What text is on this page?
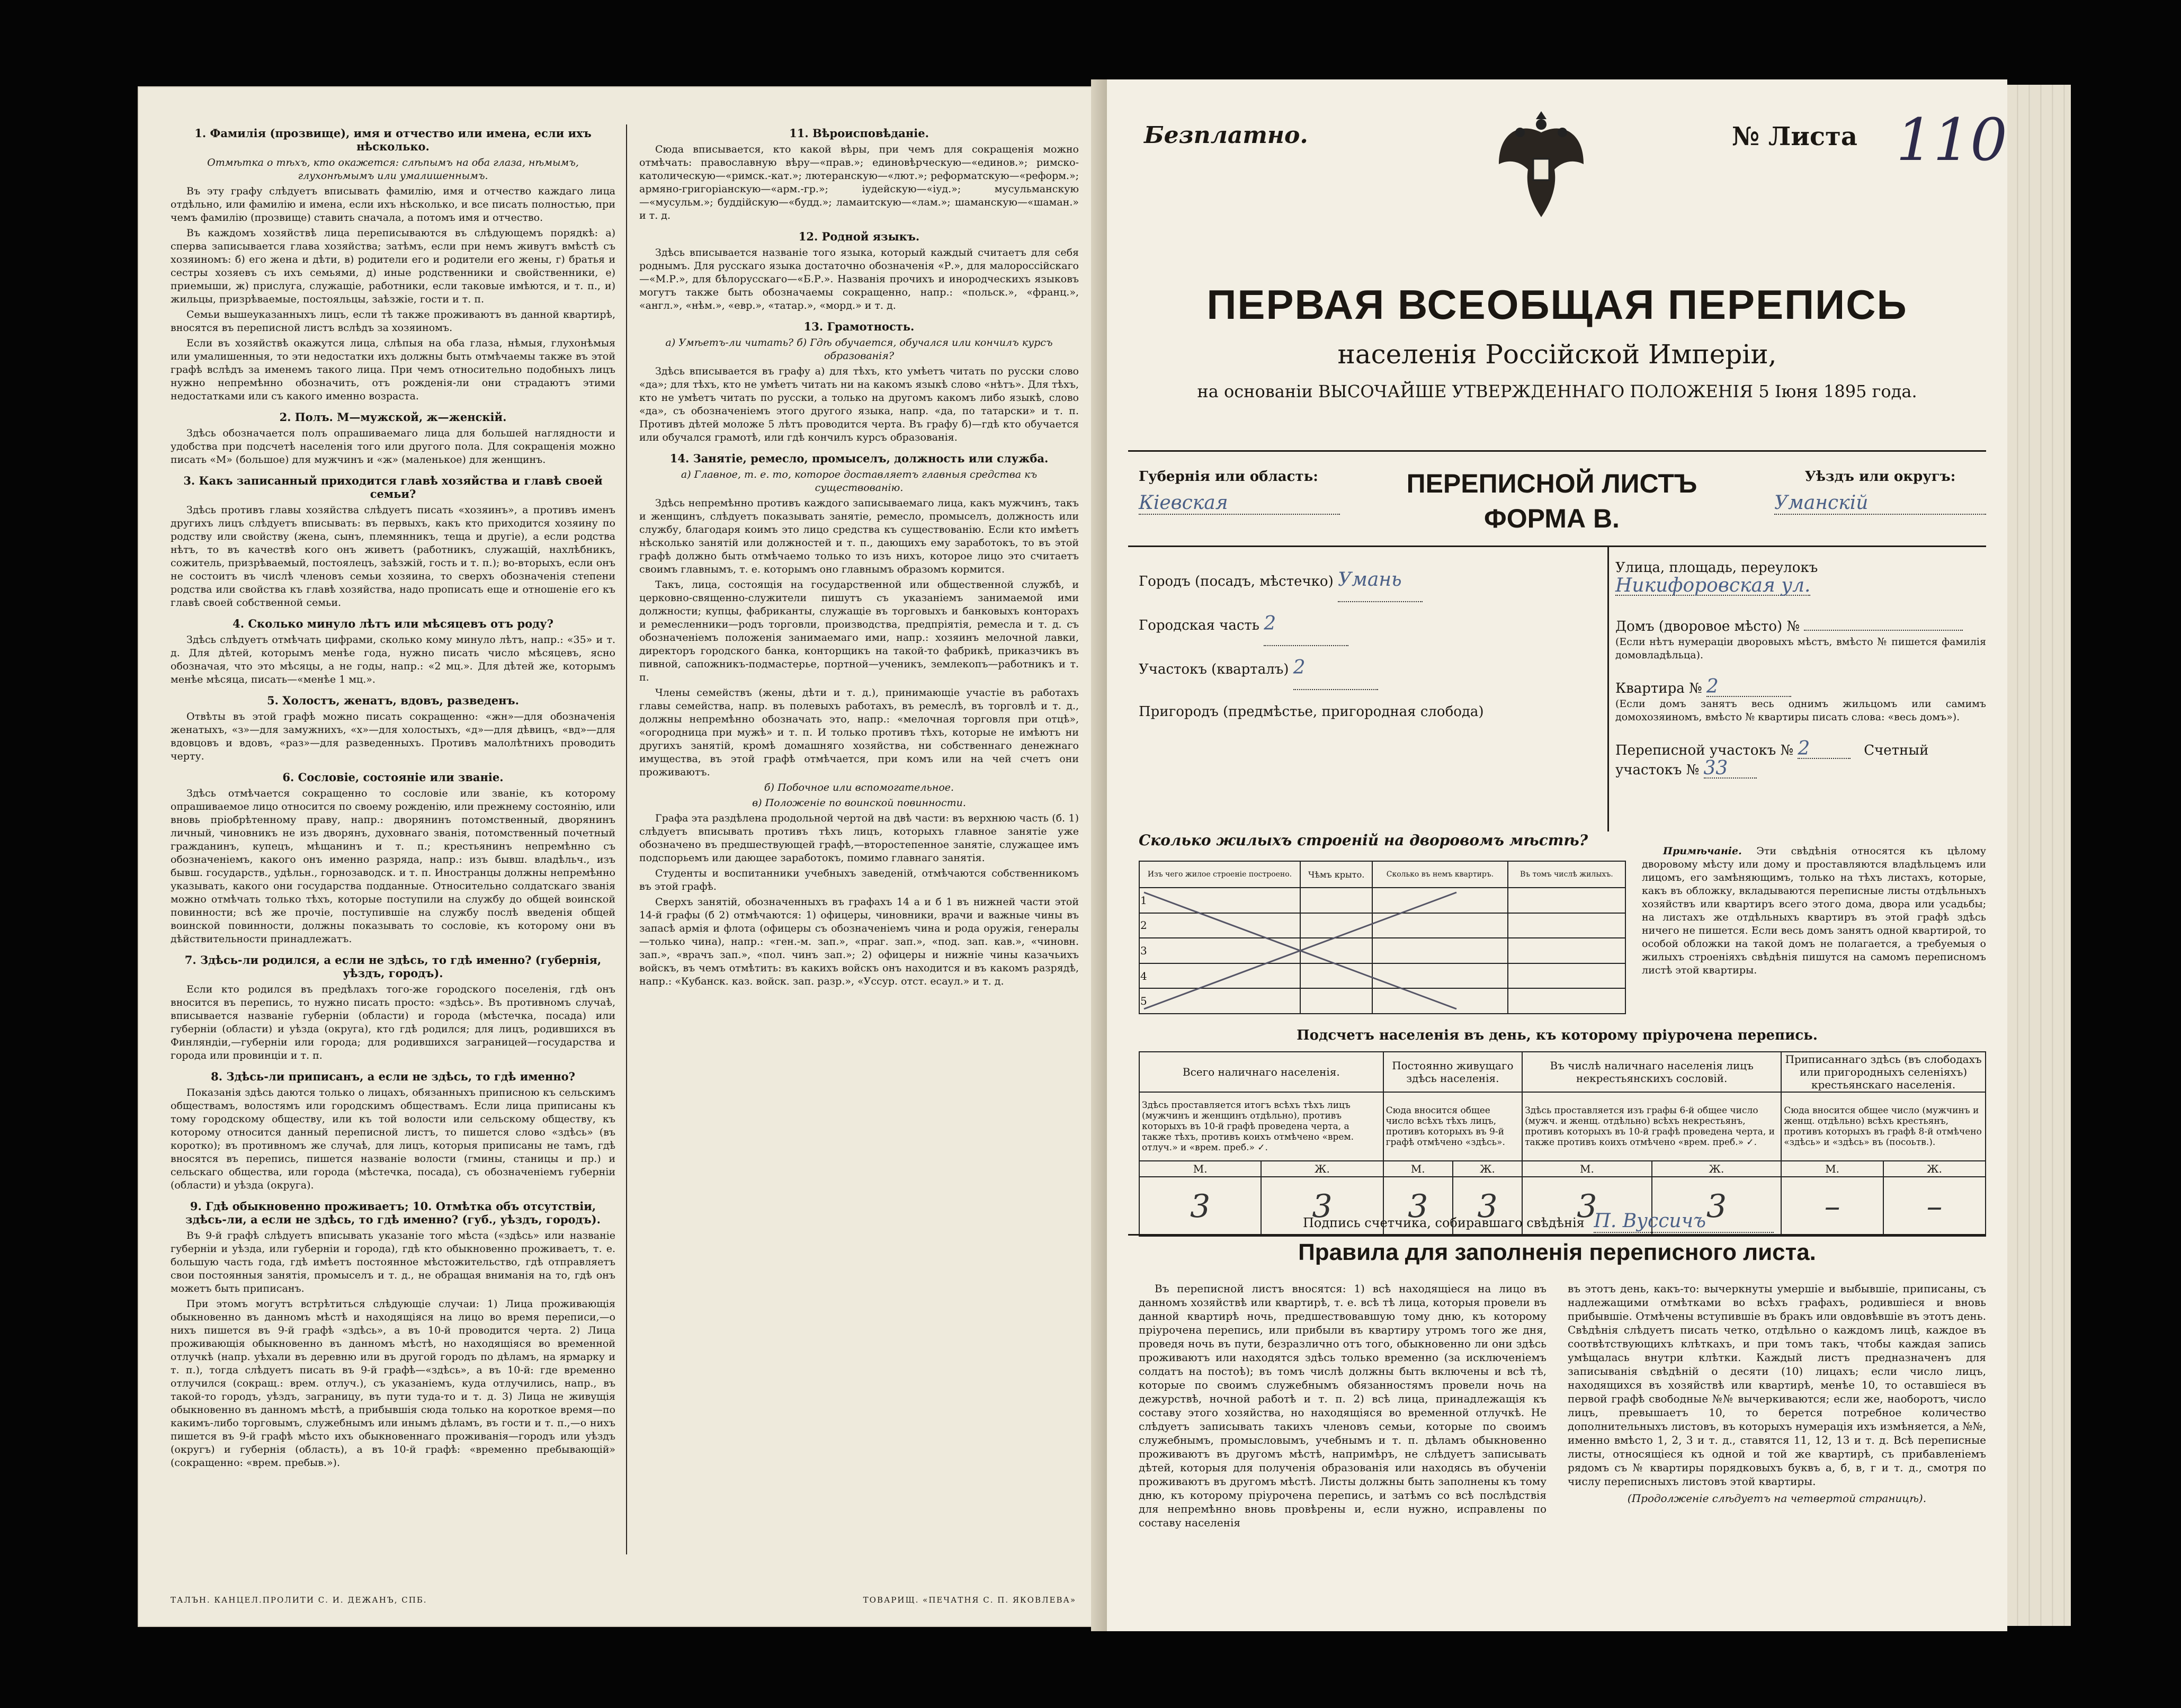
1. Фамилія (прозвище), имя и отчество или имена, если ихъ нѣсколько.
Отмѣтка о тѣхъ, кто окажется: слѣпымъ на оба глаза, нѣмымъ, глухонѣмымъ или умалишеннымъ.
Въ эту графу слѣдуетъ вписывать фамилію, имя и отчество каждаго лица отдѣльно, или фамилію и имена, если ихъ нѣсколько, и все писать полностью, при чемъ фамилію (прозвище) ставить сначала, а потомъ имя и отчество.
Въ каждомъ хозяйствѣ лица переписываются въ слѣдующемъ порядкѣ: а) сперва записывается глава хозяйства; затѣмъ, если при немъ живутъ вмѣстѣ съ хозяиномъ: б) его жена и дѣти, в) родители его и родители его жены, г) братья и сестры хозяевъ съ ихъ семьями, д) иные родственники и свойственники, е) приемыши, ж) прислуга, служащіе, работники, если таковые имѣются, и т. п., и) жильцы, призрѣваемые, постояльцы, заѣзжіе, гости и т. п.
Семьи вышеуказанныхъ лицъ, если тѣ также проживаютъ въ данной квартирѣ, вносятся въ переписной листъ вслѣдъ за хозяиномъ.
Если въ хозяйствѣ окажутся лица, слѣпыя на оба глаза, нѣмыя, глухонѣмыя или умалишенныя, то эти недостатки ихъ должны быть отмѣчаемы также въ этой графѣ вслѣдъ за именемъ такого лица. При чемъ относительно подобныхъ лицъ нужно непремѣнно обозначить, отъ рожденія-ли они страдаютъ этими недостатками или съ какого именно возраста.
2. Полъ. М—мужской, ж—женскій.
Здѣсь обозначается полъ опрашиваемаго лица для большей наглядности и удобства при подсчетѣ населенія того или другого пола. Для сокращенія можно писать «М» (большое) для мужчинъ и «ж» (маленькое) для женщинъ.
3. Какъ записанный приходится главѣ хозяйства и главѣ своей семьи?
Здѣсь противъ главы хозяйства слѣдуетъ писать «хозяинъ», а противъ именъ другихъ лицъ слѣдуетъ вписывать: въ первыхъ, какъ кто приходится хозяину по родству или свойству (жена, сынъ, племянникъ, теща и другіе), а если родства нѣтъ, то въ качествѣ кого онъ живетъ (работникъ, служащій, нахлѣбникъ, сожитель, призрѣваемый, постоялецъ, заѣзжій, гость и т. п.); во-вторыхъ, если онъ не состоитъ въ числѣ членовъ семьи хозяина, то сверхъ обозначенія степени родства или свойства къ главѣ хозяйства, надо прописать еще и отношеніе его къ главѣ своей собственной семьи.
4. Сколько минуло лѣтъ или мѣсяцевъ отъ роду?
Здѣсь слѣдуетъ отмѣчать цифрами, сколько кому минуло лѣтъ, напр.: «35» и т. д. Для дѣтей, которымъ менѣе года, нужно писать число мѣсяцевъ, ясно обозначая, что это мѣсяцы, а не годы, напр.: «2 мц.». Для дѣтей же, которымъ менѣе мѣсяца, писать—«менѣе 1 мц.».
5. Холостъ, женатъ, вдовъ, разведенъ.
Отвѣты въ этой графѣ можно писать сокращенно: «жн»—для обозначенія женатыхъ, «з»—для замужнихъ, «х»—для холостыхъ, «д»—для дѣвицъ, «вд»—для вдовцовъ и вдовъ, «раз»—для разведенныхъ. Противъ малолѣтнихъ проводить черту.
6. Сословіе, состояніе или званіе.
Здѣсь отмѣчается сокращенно то сословіе или званіе, къ которому опрашиваемое лицо относится по своему рожденію, или прежнему состоянію, или вновь пріобрѣтенному праву, напр.: дворянинъ потомственный, дворянинъ личный, чиновникъ не изъ дворянъ, духовнаго званія, потомственный почетный гражданинъ, купецъ, мѣщанинъ и т. п.; крестьянинъ непремѣнно съ обозначеніемъ, какого онъ именно разряда, напр.: изъ бывш. владѣльч., изъ бывш. государств., удѣльн., горнозаводск. и т. п. Иностранцы должны непремѣнно указывать, какого они государства подданные. Относительно солдатскаго званія можно отмѣчать только тѣхъ, которые поступили на службу до общей воинской повинности; всѣ же прочіе, поступившіе на службу послѣ введенія общей воинской повинности, должны показывать то сословіе, къ которому они въ дѣйствительности принадлежатъ.
7. Здѣсь-ли родился, а если не здѣсь, то гдѣ именно? (губернія, уѣздъ, городъ).
Если кто родился въ предѣлахъ того-же городского поселенія, гдѣ онъ вносится въ перепись, то нужно писать просто: «здѣсь». Въ противномъ случаѣ, вписывается названіе губерніи (области) и города (мѣстечка, посада) или губерніи (области) и уѣзда (округа), кто гдѣ родился; для лицъ, родившихся въ Финляндіи,—губерніи или города; для родившихся заграницей—государства и города или провинціи и т. п.
8. Здѣсь-ли приписанъ, а если не здѣсь, то гдѣ именно?
Показанія здѣсь даются только о лицахъ, обязанныхъ приписною къ сельскимъ обществамъ, волостямъ или городскимъ обществамъ. Если лица приписаны къ тому городскому обществу, или къ той волости или сельскому обществу, къ которому относится данный переписной листъ, то пишется слово «здѣсь» (въ коротко); въ противномъ же случаѣ, для лицъ, которыя приписаны не тамъ, гдѣ вносятся въ перепись, пишется названіе волости (гмины, станицы и пр.) и сельскаго общества, или города (мѣстечка, посада), съ обозначеніемъ губерніи (области) и уѣзда (округа).
9. Гдѣ обыкновенно проживаетъ; 10. Отмѣтка объ отсутствіи, здѣсь-ли, а если не здѣсь, то гдѣ именно? (губ., уѣздъ, городъ).
Въ 9-й графѣ слѣдуетъ вписывать указаніе того мѣста («здѣсь» или названіе губерніи и уѣзда, или губерніи и города), гдѣ кто обыкновенно проживаетъ, т. е. большую часть года, гдѣ имѣетъ постоянное мѣстожительство, гдѣ отправляетъ свои постоянныя занятія, промыселъ и т. д., не обращая вниманія на то, гдѣ онъ можетъ быть приписанъ.
При этомъ могутъ встрѣтиться слѣдующіе случаи: 1) Лица проживающія обыкновенно въ данномъ мѣстѣ и находящіяся на лицо во время переписи,—о нихъ пишется въ 9-й графѣ «здѣсь», а въ 10-й проводится черта. 2) Лица проживающія обыкновенно въ данномъ мѣстѣ, но находящіяся во временной отлучкѣ (напр. уѣхали въ деревню или въ другой городъ по дѣламъ, на ярмарку и т. п.), тогда слѣдуетъ писать въ 9-й графѣ—«здѣсь», а въ 10-й: где временно отлучился (сокращ.: врем. отлуч.), съ указаніемъ, куда отлучились, напр., въ такой-то городъ, уѣздъ, заграницу, въ пути туда-то и т. д. 3) Лица не живущія обыкновенно въ данномъ мѣстѣ, а прибывшія сюда только на короткое время—по какимъ-либо торговымъ, служебнымъ или инымъ дѣламъ, въ гости и т. п.,—о нихъ пишется въ 9-й графѣ мѣсто ихъ обыкновеннаго проживанія—городъ или уѣздъ (округъ) и губернія (область), а въ 10-й графѣ: «временно пребывающій» (сокращенно: «врем. пребыв.»).
11. Вѣроисповѣданіе.
Сюда вписывается, кто какой вѣры, при чемъ для сокращенія можно отмѣчать: православную вѣру—«прав.»; единовѣрческую—«единов.»; римско-католическую—«римск.-кат.»; лютеранскую—«лют.»; реформатскую—«реформ.»; армяно-григоріанскую—«арм.-гр.»; іудейскую—«іуд.»; мусульманскую—«мусульм.»; буддійскую—«будд.»; ламаитскую—«лам.»; шаманскую—«шаман.» и т. д.
12. Родной языкъ.
Здѣсь вписывается названіе того языка, который каждый считаетъ для себя роднымъ. Для русскаго языка достаточно обозначенія «Р.», для малороссійскаго—«М.Р.», для бѣлорусскаго—«Б.Р.». Названія прочихъ и инородческихъ языковъ могутъ также быть обозначаемы сокращенно, напр.: «польск.», «франц.», «англ.», «нѣм.», «евр.», «татар.», «морд.» и т. д.
13. Грамотность.
а) Умѣетъ-ли читать? б) Гдѣ обучается, обучался или кончилъ курсъ образованія?
Здѣсь вписывается въ графу а) для тѣхъ, кто умѣетъ читать по русски слово «да»; для тѣхъ, кто не умѣетъ читать ни на какомъ языкѣ слово «нѣтъ». Для тѣхъ, кто не умѣетъ читать по русски, а только на другомъ какомъ либо языкѣ, слово «да», съ обозначеніемъ этого другого языка, напр. «да, по татарски» и т. п. Противъ дѣтей моложе 5 лѣтъ проводится черта. Въ графу б)—гдѣ кто обучается или обучался грамотѣ, или гдѣ кончилъ курсъ образованія.
14. Занятіе, ремесло, промыселъ, должность или служба.
а) Главное, т. е. то, которое доставляетъ главныя средства къ существованію.
Здѣсь непремѣнно противъ каждого записываемаго лица, какъ мужчинъ, такъ и женщинъ, слѣдуетъ показывать занятіе, ремесло, промыселъ, должность или службу, благодаря коимъ это лицо средства къ существованію. Если кто имѣетъ нѣсколько занятій или должностей и т. п., дающихъ ему заработокъ, то въ этой графѣ должно быть отмѣчаемо только то изъ нихъ, которое лицо это считаетъ своимъ главнымъ, т. е. которымъ оно главнымъ образомъ кормится.
Такъ, лица, состоящія на государственной или общественной службѣ, и церковно-священно-служители пишутъ съ указаніемъ занимаемой ими должности; купцы, фабриканты, служащіе въ торговыхъ и банковыхъ конторахъ и ремесленники—родъ торговли, производства, предпріятія, ремесла и т. д. съ обозначеніемъ положенія занимаемаго ими, напр.: хозяинъ мелочной лавки, директоръ городского банка, конторщикъ на такой-то фабрикѣ, приказчикъ въ пивной, сапожникъ-подмастерье, портной—ученикъ, землекопъ—работникъ и т. п.
Члены семействъ (жены, дѣти и т. д.), принимающіе участіе въ работахъ главы семейства, напр. въ полевыхъ работахъ, въ ремеслѣ, въ торговлѣ и т. д., должны непремѣнно обозначать это, напр.: «мелочная торговля при отцѣ», «огородница при мужѣ» и т. п. И только противъ тѣхъ, которые не имѣютъ ни другихъ занятій, кромѣ домашняго хозяйства, ни собственнаго денежнаго имущества, въ этой графѣ отмѣчается, при комъ или на чей счетъ они проживаютъ.
б) Побочное или вспомогательное.
в) Положеніе по воинской повинности.
Графа эта раздѣлена продольной чертой на двѣ части: въ верхнюю часть (б. 1) слѣдуетъ вписывать противъ тѣхъ лицъ, которыхъ главное занятіе уже обозначено въ предшествующей графѣ,—второстепенное занятіе, служащее имъ подспорьемъ или дающее заработокъ, помимо главнаго занятія.
Студенты и воспитанники учебныхъ заведеній, отмѣчаются собственникомъ въ этой графѣ.
Сверхъ занятій, обозначенныхъ въ графахъ 14 а и б 1 въ нижней части этой 14-й графы (б 2) отмѣчаются: 1) офицеры, чиновники, врачи и важные чины въ запасѣ армія и флота (офицеры съ обозначеніемъ чина и рода оружія, генералы—только чина), напр.: «ген.-м. зап.», «праг. зап.», «под. зап. кав.», «чиновн. зап.», «врачъ зап.», «пол. чинъ зап.»; 2) офицеры и нижніе чины казачьихъ войскъ, въ чемъ отмѣтить: въ какихъ войскъ онъ находится и въ какомъ разрядѣ, напр.: «Кубанск. каз. войск. зап. разр.», «Уссур. отст. есаул.» и т. д.
ТАЛЪН. КАНЦЕЛ.ПРОЛИТИ С. И. ДЕЖАНЪ, СПБ.	ТОВАРИЩ. «ПЕЧАТНЯ С. П. ЯКОВЛЕВА»
Безплатно.	№ Листа 110
ПЕРВАЯ ВСЕОБЩАЯ ПЕРЕПИСЬ
населенія Россійской Имперіи,
на основаніи ВЫСОЧАЙШЕ УТВЕРЖДЕННАГО ПОЛОЖЕНІЯ 5 Іюня 1895 года.
Губернія или область:
Кіевская
ПЕРЕПИСНОЙ ЛИСТЪ
ФОРМА В.
Уѣздъ или округъ:
Уманскій
Городъ (посадъ, мѣстечко) Умань
Городская часть 2
Участокъ (кварталъ) 2
Пригородъ (предмѣстье, пригородная слобода)
Улица, площадь, переулокъ Никифоровская ул.
Домъ (дворовое мѣсто) №
(Если нѣтъ нумераціи дворовыхъ мѣстъ, вмѣсто № пишется фамилія домовладѣльца).
Квартира № 2
(Если домъ занятъ весь однимъ жильцомъ или самимъ домохозяиномъ, вмѣсто № квартиры писать слова: «весь домъ»).
Переписной участокъ № 2	Счетный участокъ № 33
Сколько жилыхъ строеній на дворовомъ мѣстѣ?
Изъ чего жилое строеніе построено.	Чѣмъ крыто.	Сколько въ немъ квартиръ.	Въ томъ числѣ жилыхъ.
1			
2			
3			
4			
5			
Примѣчаніе. Эти свѣдѣнія относятся къ цѣлому дворовому мѣсту или дому и проставляются владѣльцемъ или лицомъ, его замѣняющимъ, только на тѣхъ листахъ, которые, какъ въ обложку, вкладываются переписные листы отдѣльныхъ хозяйствъ или квартиръ всего этого дома, двора или усадьбы; на листахъ же отдѣльныхъ квартиръ въ этой графѣ здѣсь ничего не пишется. Если весь домъ занятъ одной квартирой, то особой обложки на такой домъ не полагается, а требуемыя о жилыхъ строеніяхъ свѣдѣнія пишутся на самомъ переписномъ листѣ этой квартиры.
Подсчетъ населенія въ день, къ которому пріурочена перепись.
Всего наличнаго населенія.		Постоянно живущаго здѣсь населенія.		Въ числѣ наличнаго населенія лицъ некрестьянскихъ сословій.		Приписаннаго здѣсь (въ слободахъ или пригородныхъ селеніяхъ) крестьянскаго населенія.	
Здѣсь проставляется итогъ всѣхъ тѣхъ лицъ (мужчинъ и женщинъ отдѣльно), противъ которыхъ въ 10-й графѣ проведена черта, а также тѣхъ, противъ коихъ отмѣчено «врем. отлуч.» и «врем. преб.» ✓.		Сюда вносится общее число всѣхъ тѣхъ лицъ, противъ которыхъ въ 9-й графѣ отмѣчено «здѣсь».		Здѣсь проставляется изъ графы 6-й общее число (мужч. и женщ. отдѣльно) всѣхъ некрестьянъ, противъ которыхъ въ 10-й графѣ проведена черта, и также противъ коихъ отмѣчено «врем. преб.» ✓.		Сюда вносится общее число (мужчинъ и женщ. отдѣльно) всѣхъ крестьянъ, противъ которыхъ въ графѣ 8-й отмѣчено «здѣсь» и «здѣсь» въ (посоьтв.).	
М.	Ж.	М.	Ж.	М.	Ж.	М.	Ж.
3	3	3	3	3	3	–	–
Подпись счетчика, собиравшаго свѣдѣнія П. Вуссичъ
Правила для заполненія переписного листа.
Въ переписной листъ вносятся: 1) всѣ находящіеся на лицо въ данномъ хозяйствѣ или квартирѣ, т. е. всѣ тѣ лица, которыя провели въ данной квартирѣ ночь, предшествовавшую тому дню, къ которому пріурочена перепись, или прибыли въ квартиру утромъ того же дня, проведя ночь въ пути, безразлично отъ того, обыкновенно ли они здѣсь проживаютъ или находятся здѣсь только временно (за исключеніемъ солдатъ на постоѣ); въ томъ числѣ должны быть включены и всѣ тѣ, которые по своимъ служебнымъ обязанностямъ провели ночь на дежурствѣ, ночной работѣ и т. п. 2) всѣ лица, принадлежащія къ составу этого хозяйства, но находящіяся во временной отлучкѣ. Не слѣдуетъ записывать такихъ членовъ семьи, которые по своимъ служебнымъ, промысловымъ, учебнымъ и т. п. дѣламъ обыкновенно проживаютъ въ другомъ мѣстѣ, напримѣръ, не слѣдуетъ записывать дѣтей, которыя для полученія образованія или находясь въ обученіи проживаютъ въ другомъ мѣстѣ. Листы должны быть заполнены къ тому дню, къ которому пріурочена перепись, и затѣмъ со всѣ послѣдствія для непремѣнно вновь провѣрены и, если нужно, исправлены по составу населенія
въ этотъ день, какъ-то: вычеркнуты умершіе и выбывшіе, приписаны, съ надлежащими отмѣтками во всѣхъ графахъ, родившіеся и вновь прибывшіе. Отмѣчены вступившіе въ бракъ или овдовѣвшіе въ этотъ день. Свѣдѣнія слѣдуетъ писать четко, отдѣльно о каждомъ лицѣ, каждое въ соотвѣтствующихъ клѣткахъ, и при томъ такъ, чтобы каждая запись умѣщалась внутри клѣтки. Каждый листъ предназначенъ для записыванія свѣдѣній о десяти (10) лицахъ; если число лицъ, находящихся въ хозяйствѣ или квартирѣ, менѣе 10, то оставшіеся въ первой графѣ свободные №№ вычеркиваются; если же, наоборотъ, число лицъ, превышаетъ 10, то берется потребное количество дополнительныхъ листовъ, въ которыхъ нумерація ихъ измѣняется, а №№, именно вмѣсто 1, 2, 3 и т. д., ставятся 11, 12, 13 и т. д. Всѣ переписные листы, относящіеся къ одной и той же квартирѣ, съ прибавленіемъ рядомъ съ № квартиры порядковыхъ буквъ а, б, в, г и т. д., смотря по числу переписныхъ листовъ этой квартиры.
(Продолженіе слѣдуетъ на четвертой страницѣ).
